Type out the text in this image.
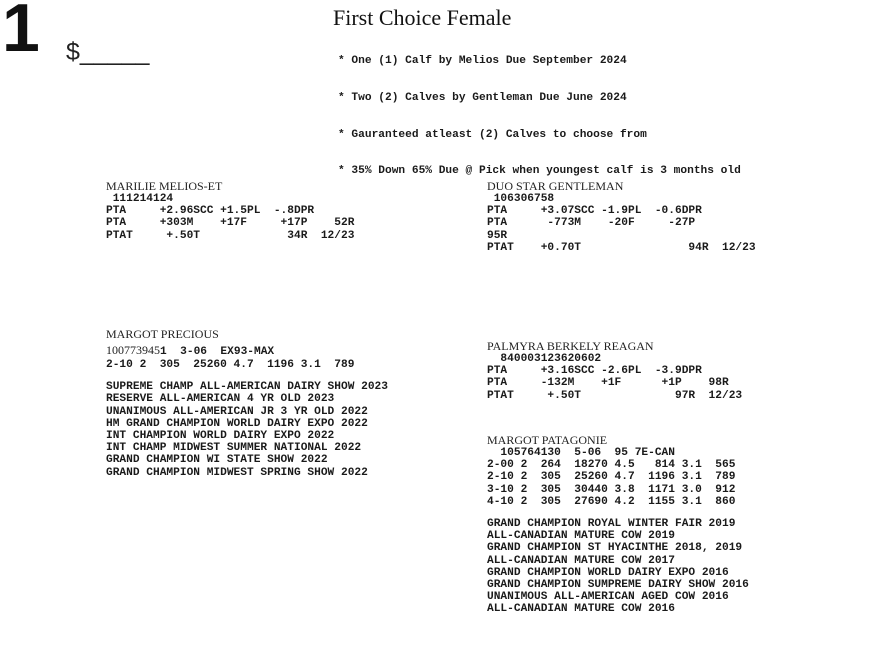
1 $_____
First Choice Female

* One (1) Calf by Melios Due September 2024

* Two (2) Calves by Gentleman Due June 2024

* Gauranteed atleast (2) Calves to choose from

* 35% Down 65% Due @ Pick when youngest calf is 3 months old

MARILIE MELIOS-ET
111214124
PTA     +2.96SCC +1.5PL  -.8DPR
PTA     +303M    +17F     +17P    52R
PTAT     +.50T             34R  12/23
DUO STAR GENTLEMAN
106306758
PTA     +3.07SCC -1.9PL  -0.6DPR
PTA      -773M    -20F     -27P
95R
PTAT    +0.70T                94R  12/23
MARGOT PRECIOUS
1007739451  3-06  EX93-MAX
2-10 2  305  25260 4.7  1196 3.1  789
SUPREME CHAMP ALL-AMERICAN DAIRY SHOW 2023
RESERVE ALL-AMERICAN 4 YR OLD 2023
UNANIMOUS ALL-AMERICAN JR 3 YR OLD 2022
HM GRAND CHAMPION WORLD DAIRY EXPO 2022
INT CHAMPION WORLD DAIRY EXPO 2022
INT CHAMP MIDWEST SUMMER NATIONAL 2022
GRAND CHAMPION WI STATE SHOW 2022
GRAND CHAMPION MIDWEST SPRING SHOW 2022
PALMYRA BERKELY REAGAN
840003123620602
PTA     +3.16SCC -2.6PL  -3.9DPR
PTA     -132M    +1F      +1P    98R
PTAT     +.50T              97R  12/23
MARGOT PATAGONIE
105764130  5-06  95 7E-CAN
2-00 2  264  18270 4.5   814 3.1  565
2-10 2  305  25260 4.7  1196 3.1  789
3-10 2  305  30440 3.8  1171 3.0  912
4-10 2  305  27690 4.2  1155 3.1  860
GRAND CHAMPION ROYAL WINTER FAIR 2019
ALL-CANADIAN MATURE COW 2019
GRAND CHAMPION ST HYACINTHE 2018, 2019
ALL-CANADIAN MATURE COW 2017
GRAND CHAMPION WORLD DAIRY EXPO 2016
GRAND CHAMPION SUMPREME DAIRY SHOW 2016
UNANIMOUS ALL-AMERICAN AGED COW 2016
ALL-CANADIAN MATURE COW 2016
